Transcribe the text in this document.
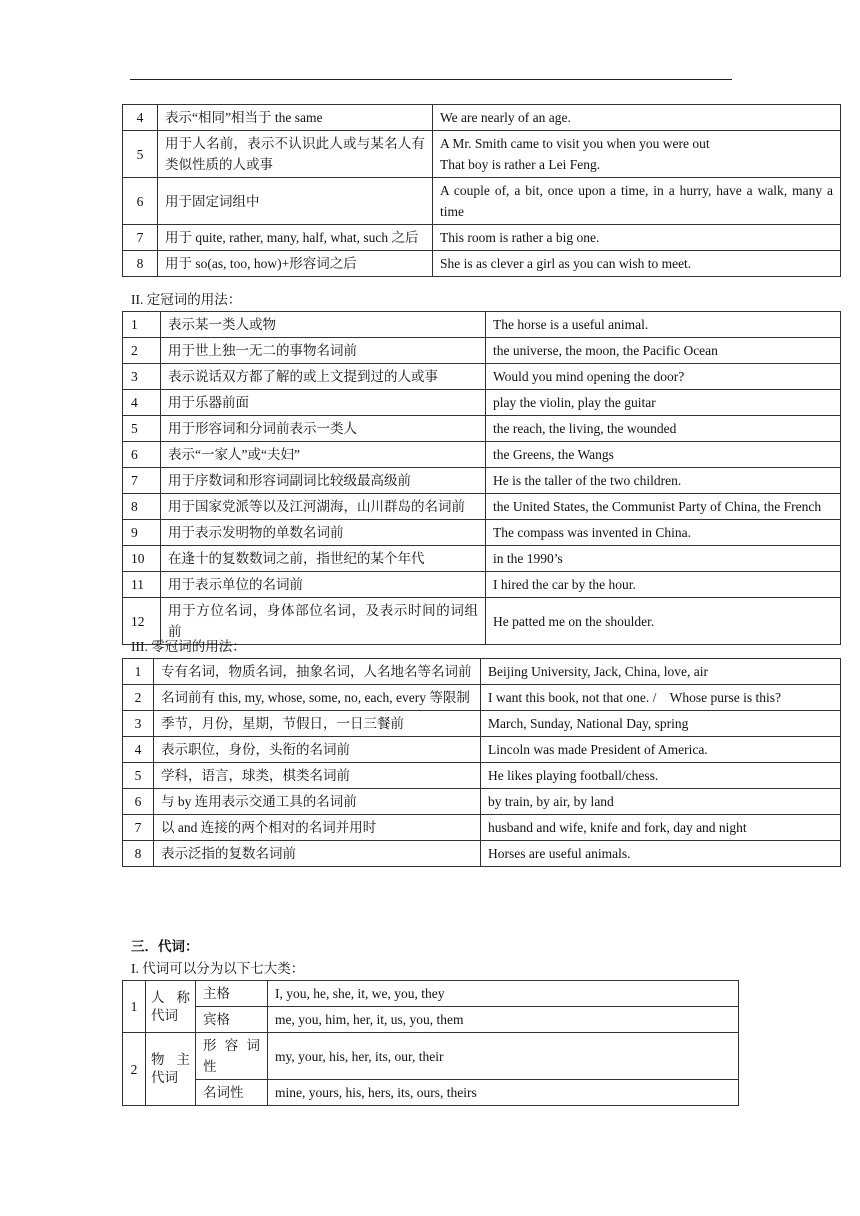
4	表示“相同”相当于 the same	We are nearly of an age.
5	用于人名前，表示不认识此人或与某名人有类似性质的人或事	A Mr. Smith came to visit you when you were out
That boy is rather a Lei Feng.

6	用于固定词组中	A couple of, a bit, once upon a time, in a hurry, have a walk, many a time
7	用于 quite, rather, many, half, what, such 之后	This room is rather a big one.
8	用于 so(as, too, how)+形容词之后	She is as clever a girl as you can wish to meet.
II. 定冠词的用法：
1	表示某一类人或物	The horse is a useful animal.
2	用于世上独一无二的事物名词前	the universe, the moon, the Pacific Ocean
3	表示说话双方都了解的或上文提到过的人或事	Would you mind opening the door?
4	用于乐器前面	play the violin, play the guitar
5	用于形容词和分词前表示一类人	the reach, the living, the wounded
6	表示“一家人”或“夫妇”	the Greens, the Wangs
7	用于序数词和形容词副词比较级最高级前	He is the taller of the two children.
8	用于国家党派等以及江河湖海，山川群岛的名词前	the United States, the Communist Party of China, the French
9	用于表示发明物的单数名词前	The compass was invented in China.
10	在逢十的复数数词之前，指世纪的某个年代	in the 1990’s
11	用于表示单位的名词前	I hired the car by the hour.
12	用于方位名词，身体部位名词，及表示时间的词组前	He patted me on the shoulder.
III. 零冠词的用法：
1	专有名词，物质名词，抽象名词，人名地名等名词前	Beijing University, Jack, China, love, air
2	名词前有 this, my, whose, some, no, each, every 等限制	I want this book, not that one. /    Whose purse is this?
3	季节，月份，星期，节假日，一日三餐前	March, Sunday, National Day, spring
4	表示职位，身份，头衔的名词前	Lincoln was made President of America.
5	学科，语言，球类，棋类名词前	He likes playing football/chess.
6	与 by 连用表示交通工具的名词前	by train, by air, by land
7	以 and 连接的两个相对的名词并用时	husband and wife, knife and fork, day and night
8	表示泛指的复数名词前	Horses are useful animals.
三．代词：
I. 代词可以分为以下七大类：
1	人 称 代词	主格	I, you, he, she, it, we, you, they
		宾格	me, you, him, her, it, us, you, them
2	物 主 代词	形 容 词性	my, your, his, her, its, our, their
		名词性	mine, yours, his, hers, its, ours, theirs
